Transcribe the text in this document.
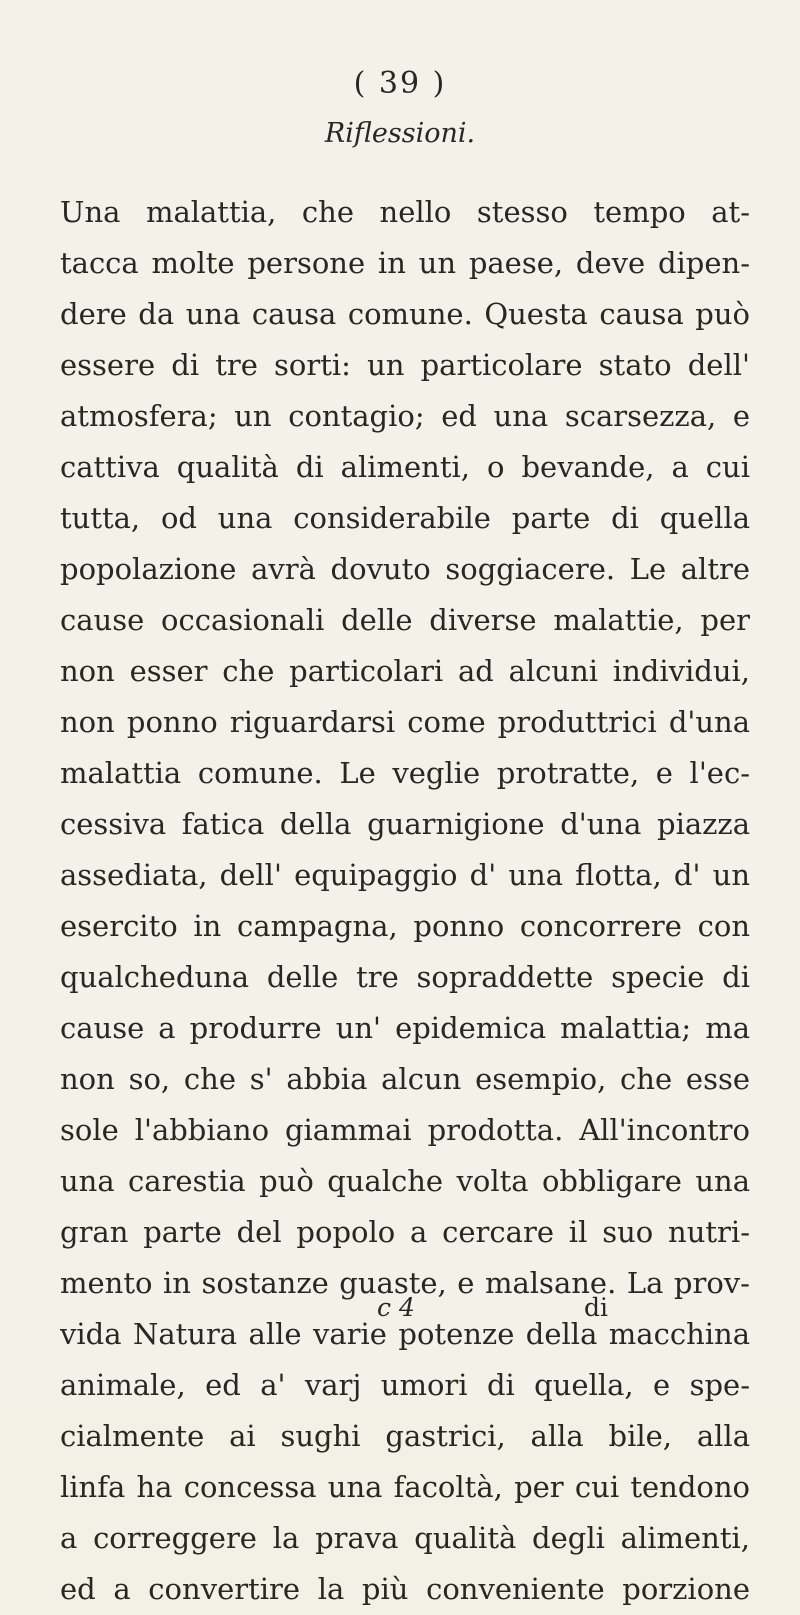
( 39 )
Riflessioni.
Una malattia, che nello stesso tempo at-
tacca molte persone in un paese, deve dipen-
dere da una causa comune. Questa causa può
essere di tre sorti: un particolare stato dell'
atmosfera; un contagio; ed una scarsezza, e
cattiva qualità di alimenti, o bevande, a cui
tutta, od una considerabile parte di quella
popolazione avrà dovuto soggiacere. Le altre
cause occasionali delle diverse malattie, per
non esser che particolari ad alcuni individui,
non ponno riguardarsi come produttrici d'una
malattia comune. Le veglie protratte, e l'ec-
cessiva fatica della guarnigione d'una piazza
assediata, dell' equipaggio d' una flotta, d' un
esercito in campagna, ponno concorrere con
qualcheduna delle tre sopraddette specie di
cause a produrre un' epidemica malattia; ma
non so, che s' abbia alcun esempio, che esse
sole l'abbiano giammai prodotta. All'incontro
una carestia può qualche volta obbligare una
gran parte del popolo a cercare il suo nutri-
mento in sostanze guaste, e malsane. La prov-
vida Natura alle varie potenze della macchina
animale, ed a' varj umori di quella, e spe-
cialmente ai sughi gastrici, alla bile, alla
linfa ha concessa una facoltà, per cui tendono
a correggere la prava qualità degli alimenti,
ed a convertire la più conveniente porzione
c 4	di
